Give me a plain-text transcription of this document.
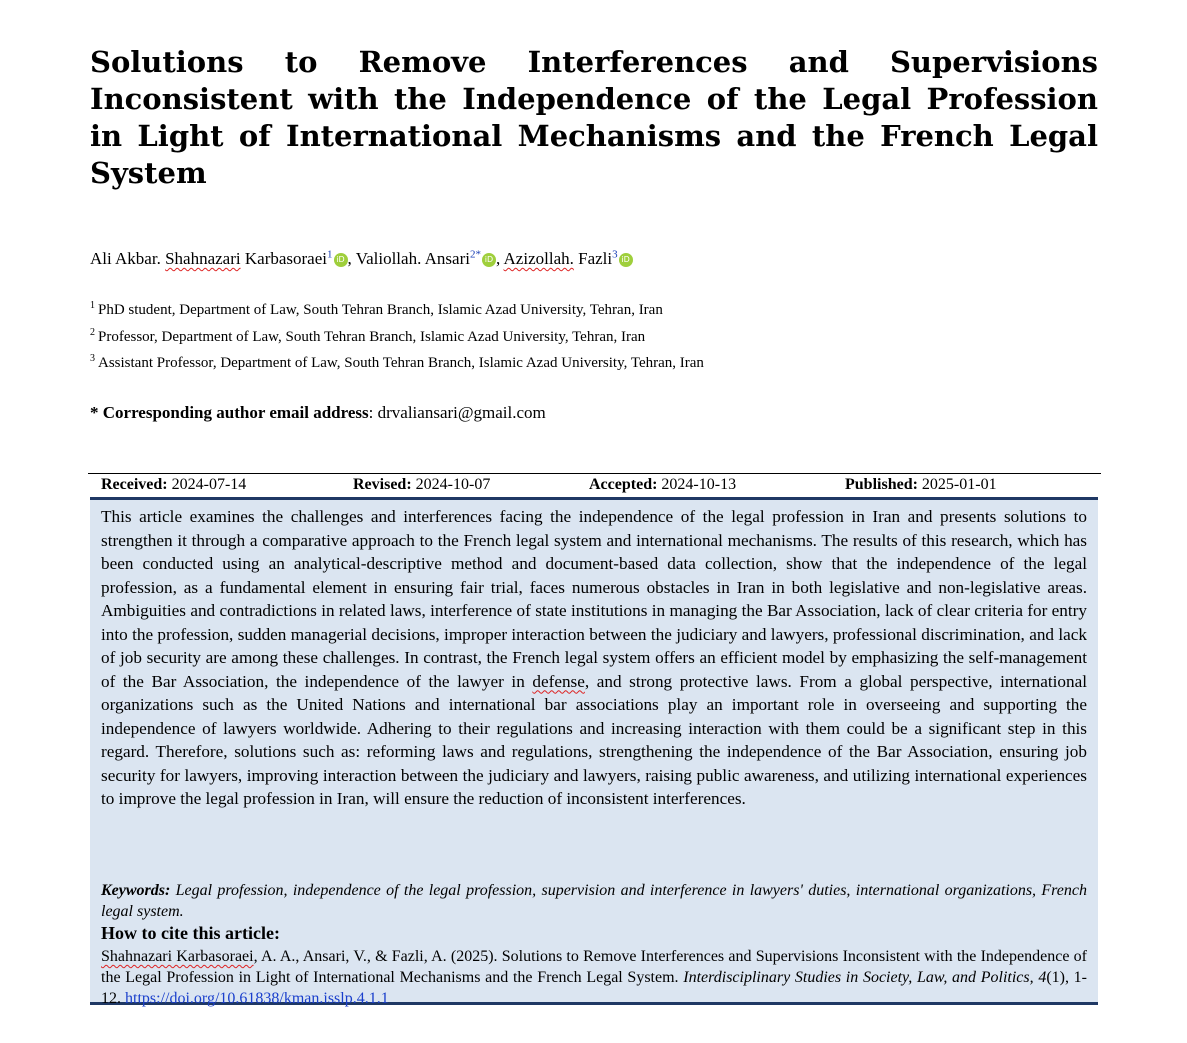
Solutions to Remove Interferences and Supervisions Inconsistent with the Independence of the Legal Profession in Light of International Mechanisms and the French Legal System
Ali Akbar. Shahnazari Karbasoraei$^1$ iD , Valiollah. Ansari$^{2*}$ iD , Azizollah. Fazli$^3$ iD
$^1$ PhD student, Department of Law, South Tehran Branch, Islamic Azad University, Tehran, Iran
$^2$ Professor, Department of Law, South Tehran Branch, Islamic Azad University, Tehran, Iran
$^3$ Assistant Professor, Department of Law, South Tehran Branch, Islamic Azad University, Tehran, Iran
* Corresponding author email address: drvaliansari@gmail.com
Received: 2024-07-14	Revised: 2024-10-07	Accepted: 2024-10-13	Published: 2025-01-01

This article examines the challenges and interferences facing the independence of the legal profession in Iran and presents solutions to strengthen it through a comparative approach to the French legal system and international mechanisms. The results of this research, which has been conducted using an analytical-descriptive method and document-based data collection, show that the independence of the legal profession, as a fundamental element in ensuring fair trial, faces numerous obstacles in Iran in both legislative and non-legislative areas. Ambiguities and contradictions in related laws, interference of state institutions in managing the Bar Association, lack of clear criteria for entry into the profession, sudden managerial decisions, improper interaction between the judiciary and lawyers, professional discrimination, and lack of job security are among these challenges. In contrast, the French legal system offers an efficient model by emphasizing the self-management of the Bar Association, the independence of the lawyer in defense, and strong protective laws. From a global perspective, international organizations such as the United Nations and international bar associations play an important role in overseeing and supporting the independence of lawyers worldwide. Adhering to their regulations and increasing interaction with them could be a significant step in this regard. Therefore, solutions such as: reforming laws and regulations, strengthening the independence of the Bar Association, ensuring job security for lawyers, improving interaction between the judiciary and lawyers, raising public awareness, and utilizing international experiences to improve the legal profession in Iran, will ensure the reduction of inconsistent interferences.

Keywords: Legal profession, independence of the legal profession, supervision and interference in lawyers' duties, international organizations, French legal system.

How to cite this article:

Shahnazari Karbasoraei, A. A., Ansari, V., & Fazli, A. (2025). Solutions to Remove Interferences and Supervisions Inconsistent with the Independence of the Legal Profession in Light of International Mechanisms and the French Legal System. Interdisciplinary Studies in Society, Law, and Politics, 4(1), 1-12. https://doi.org/10.61838/kman.isslp.4.1.1
